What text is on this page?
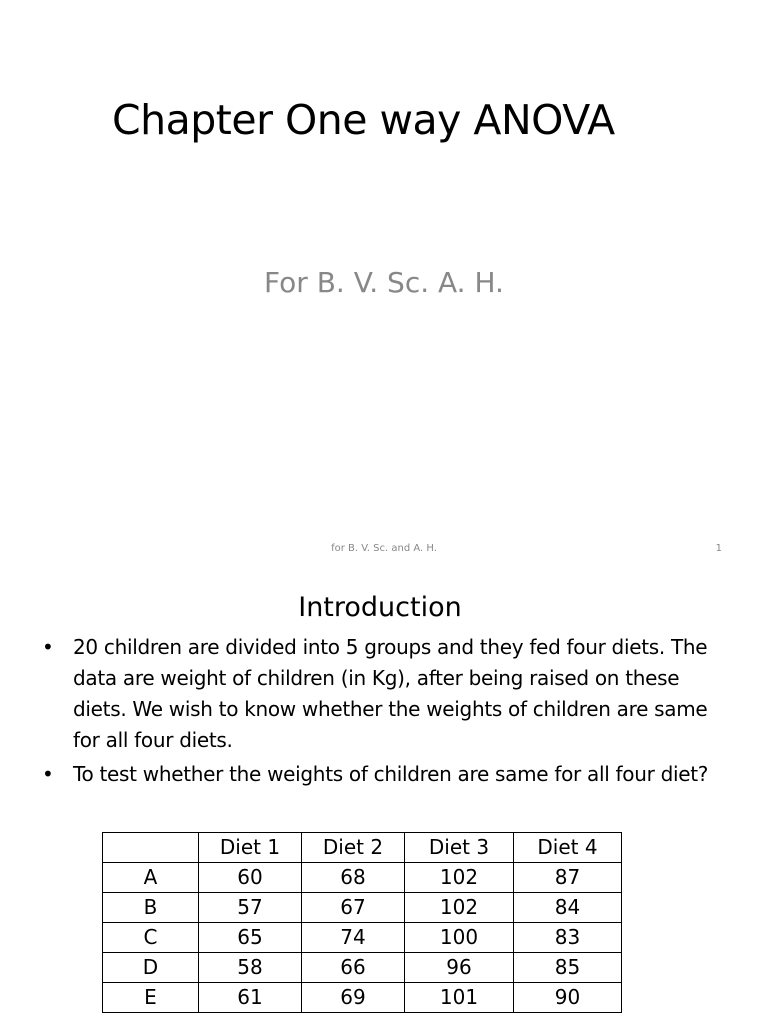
Chapter One way ANOVA
For B. V. Sc. A. H.
for B. V. Sc. and A. H.	1
Introduction
• 20 children are divided into 5 groups and they fed four diets. The data are weight of children (in Kg), after being raised on these diets. We wish to know whether the weights of children are same for all four diets.
• To test whether the weights of children are same for all four diet?
	Diet 1	Diet 2	Diet 3	Diet 4
A	60	68	102	87
B	57	67	102	84
C	65	74	100	83
D	58	66	96	85
E	61	69	101	90
